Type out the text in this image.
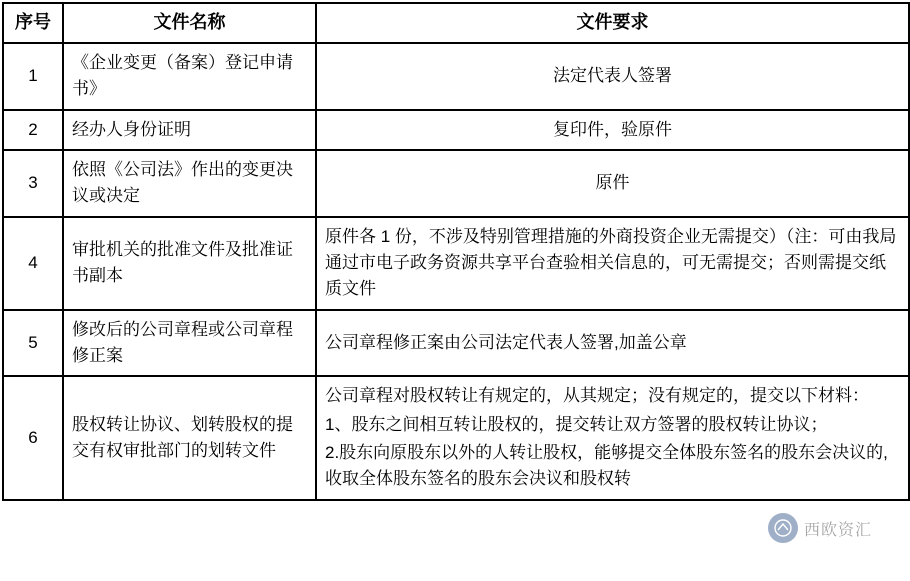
序号	文件名称	文件要求
1	《企业变更（备案）登记申请书》	法定代表人签署

2	经办人身份证明	复印件，验原件

3	依照《公司法》作出的变更决议或决定	原件

4	审批机关的批准文件及批准证书副本	原件各 1 份，不涉及特别管理措施的外商投资企业无需提交）（注：可由我局通过市电子政务资源共享平台查验相关信息的，可无需提交；否则需提交纸质文件

5	修改后的公司章程或公司章程修正案	公司章程修正案由公司法定代表人签署,加盖公章

6	股权转让协议、划转股权的提交有权审批部门的划转文件	公司章程对股权转让有规定的，从其规定；没有规定的，提交以下材料：

1、股东之间相互转让股权的，提交转让双方签署的股权转让协议；

2.股东向原股东以外的人转让股权，能够提交全体股东签名的股东会决议的,收取全体股东签名的股东会决议和股权转

西欧资汇
